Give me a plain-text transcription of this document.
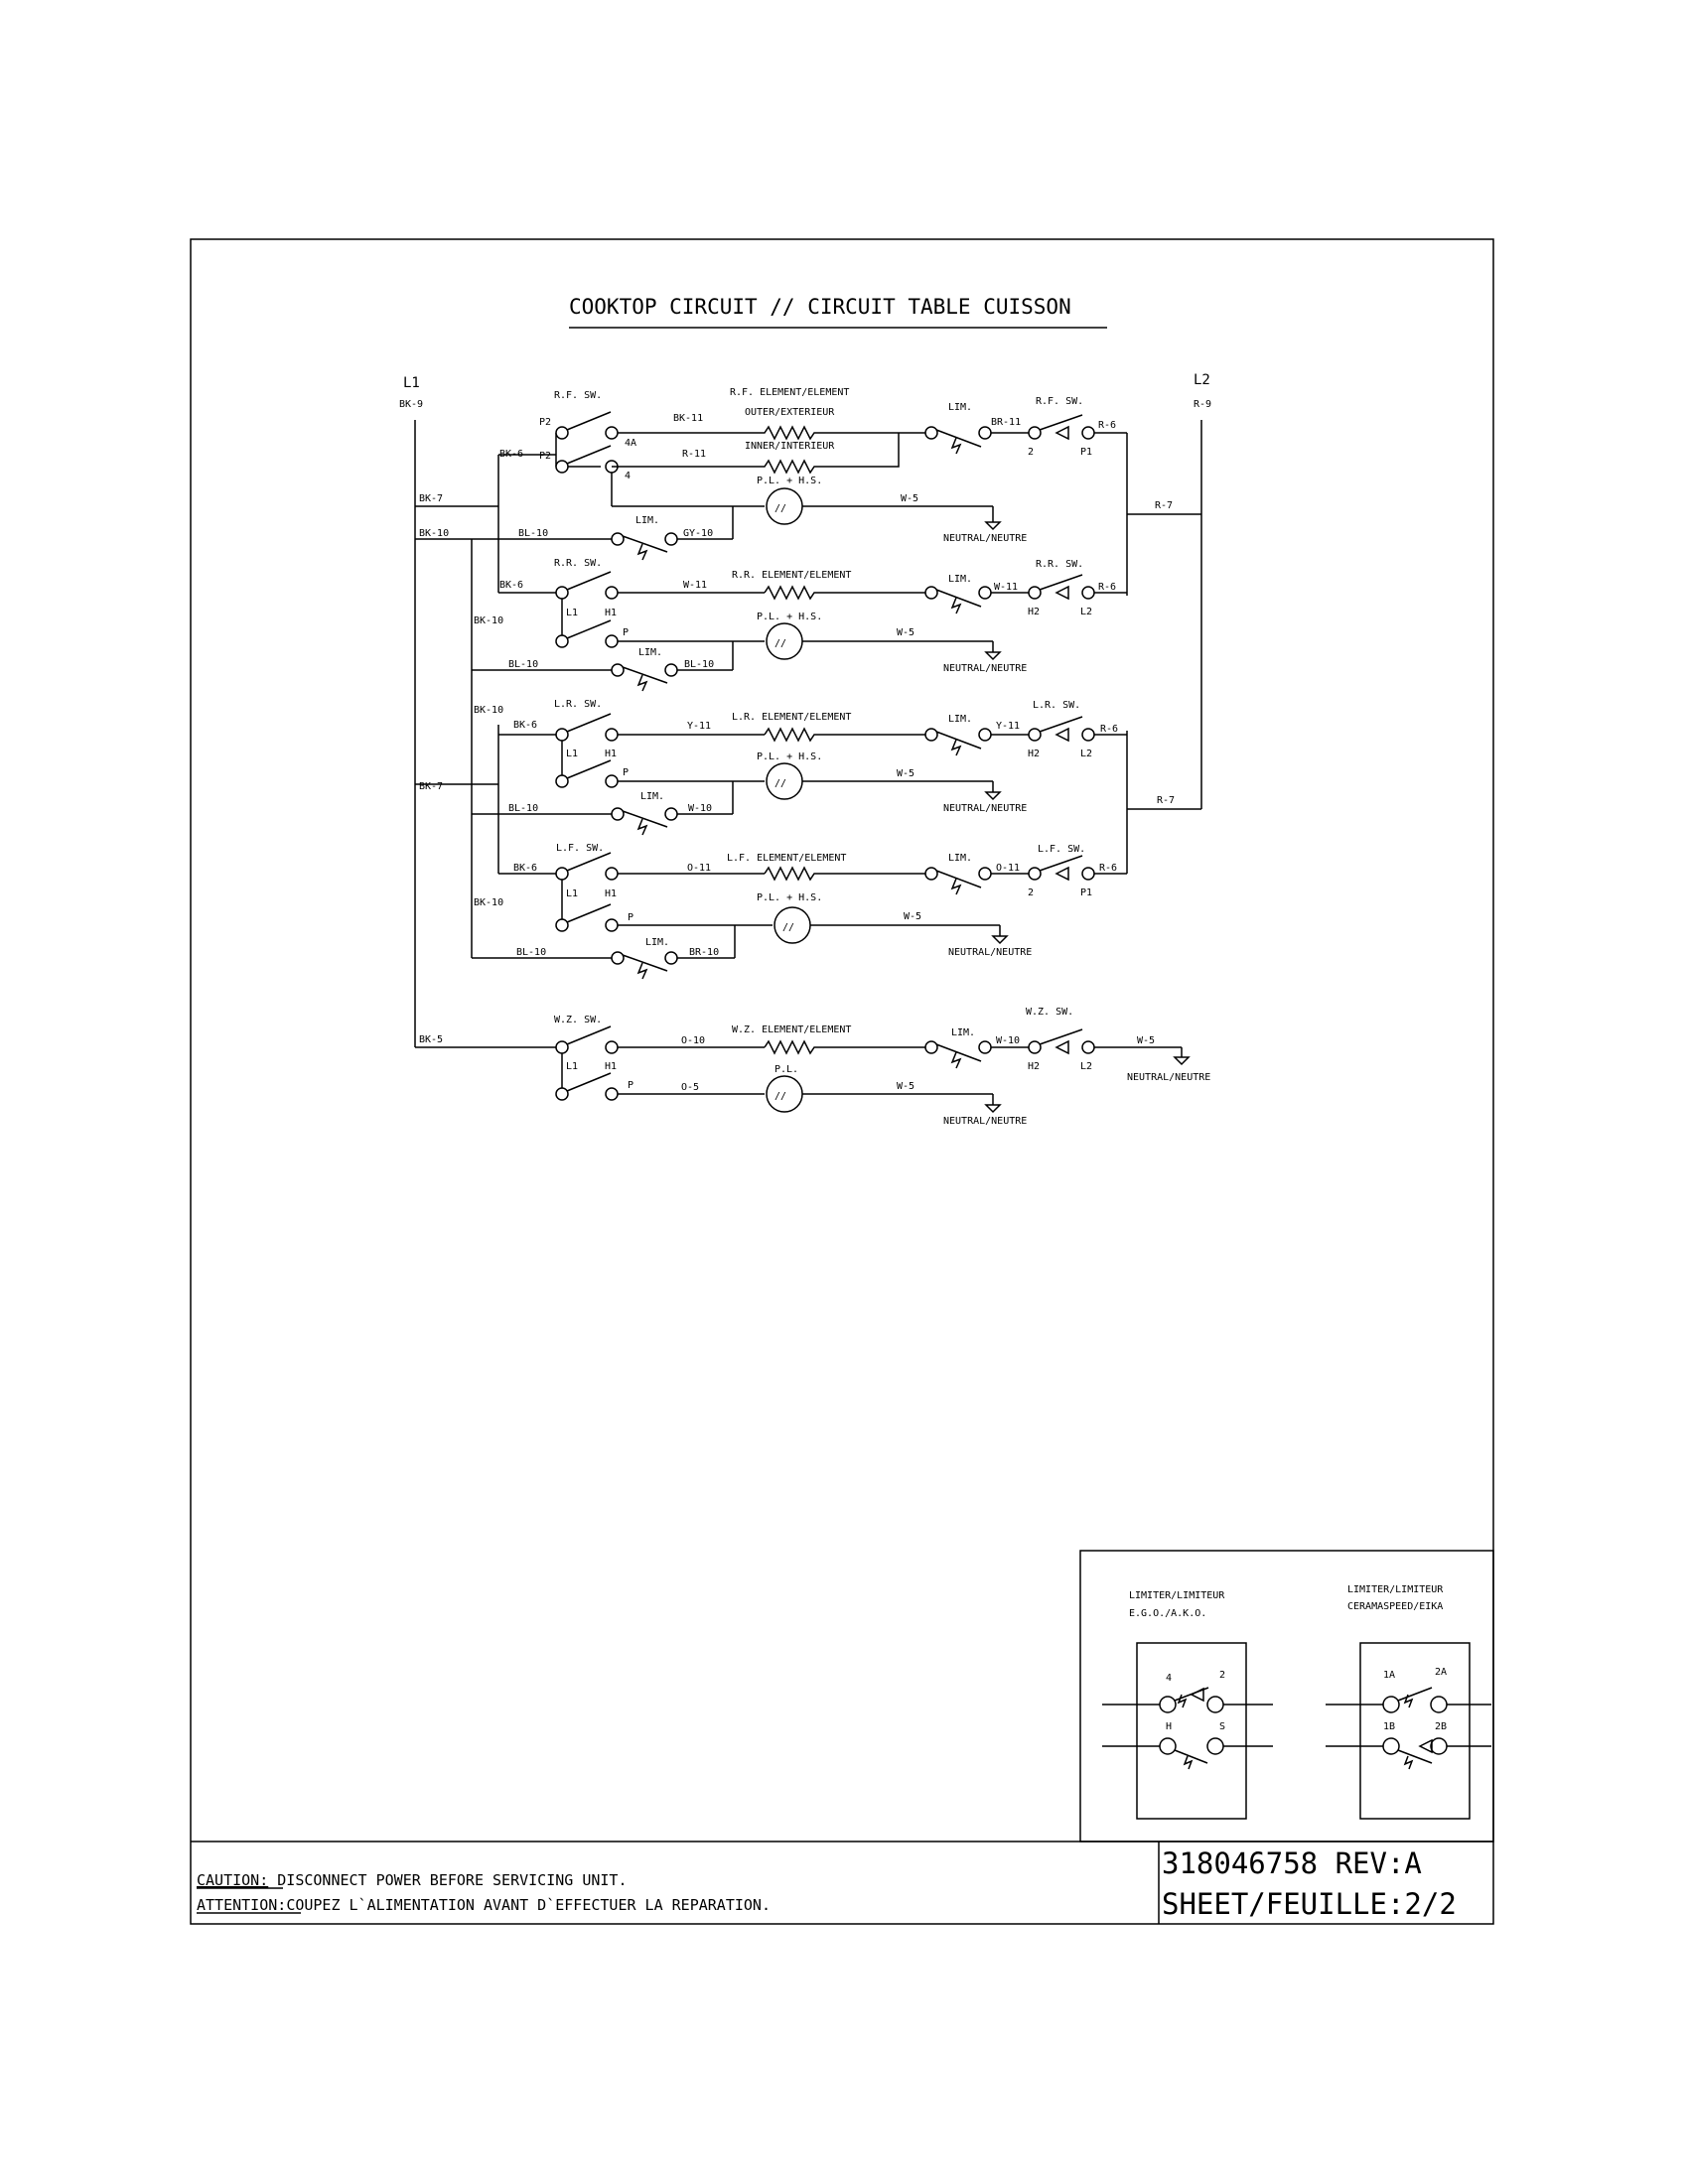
COOKTOP CIRCUIT // CIRCUIT TABLE CUISSON
L1
BK-9
L2
R-9
BK-7
BK-10
BK-10
BK-10
BK-7
BK-10
BK-5
R-7
R-7
R.F. SW.
P2
P2
4A
4
BK-6
BK-11
R-11
R.F. ELEMENT/ELEMENT
OUTER/EXTERIEUR
INNER/INTERIEUR
//
P.L. + H.S.
W-5
NEUTRAL/NEUTRE
LIM.
BR-11
2	P1
R.F. SW.
R-6
BL-10
LIM.
GY-10
R.R. SW.
BK-6
L1	H1
P
W-11
R.R. ELEMENT/ELEMENT
//
P.L. + H.S.
W-5
NEUTRAL/NEUTRE
LIM.
W-11
H2	L2
R.R. SW.
R-6
BL-10
LIM.
BL-10
L.R. SW.
BK-6
L1	H1
P
Y-11
L.R. ELEMENT/ELEMENT
//
P.L. + H.S.
W-5
NEUTRAL/NEUTRE
LIM.
Y-11
H2	L2
L.R. SW.
R-6
BL-10
LIM.
W-10
L.F. SW.
BK-6
L1	H1
P
O-11
L.F. ELEMENT/ELEMENT
//
P.L. + H.S.
W-5
NEUTRAL/NEUTRE
LIM.
O-11
2	P1
L.F. SW.
R-6
BL-10
LIM.
BR-10
W.Z. SW.
L1	H1
P
O-10
W.Z. ELEMENT/ELEMENT
O-5
//
P.L.
W-5
NEUTRAL/NEUTRE
LIM.
W-10
H2	L2
W.Z. SW.
W-5
NEUTRAL/NEUTRE
LIMITER/LIMITEUR
E.G.O./A.K.O.
4	2
H	S
LIMITER/LIMITEUR
CERAMASPEED/EIKA
1A	2A
1B	2B
CAUTION: DISCONNECT POWER BEFORE SERVICING UNIT.
ATTENTION:COUPEZ L`ALIMENTATION AVANT D`EFFECTUER LA REPARATION.
318046758 REV:A
SHEET/FEUILLE:2/2
